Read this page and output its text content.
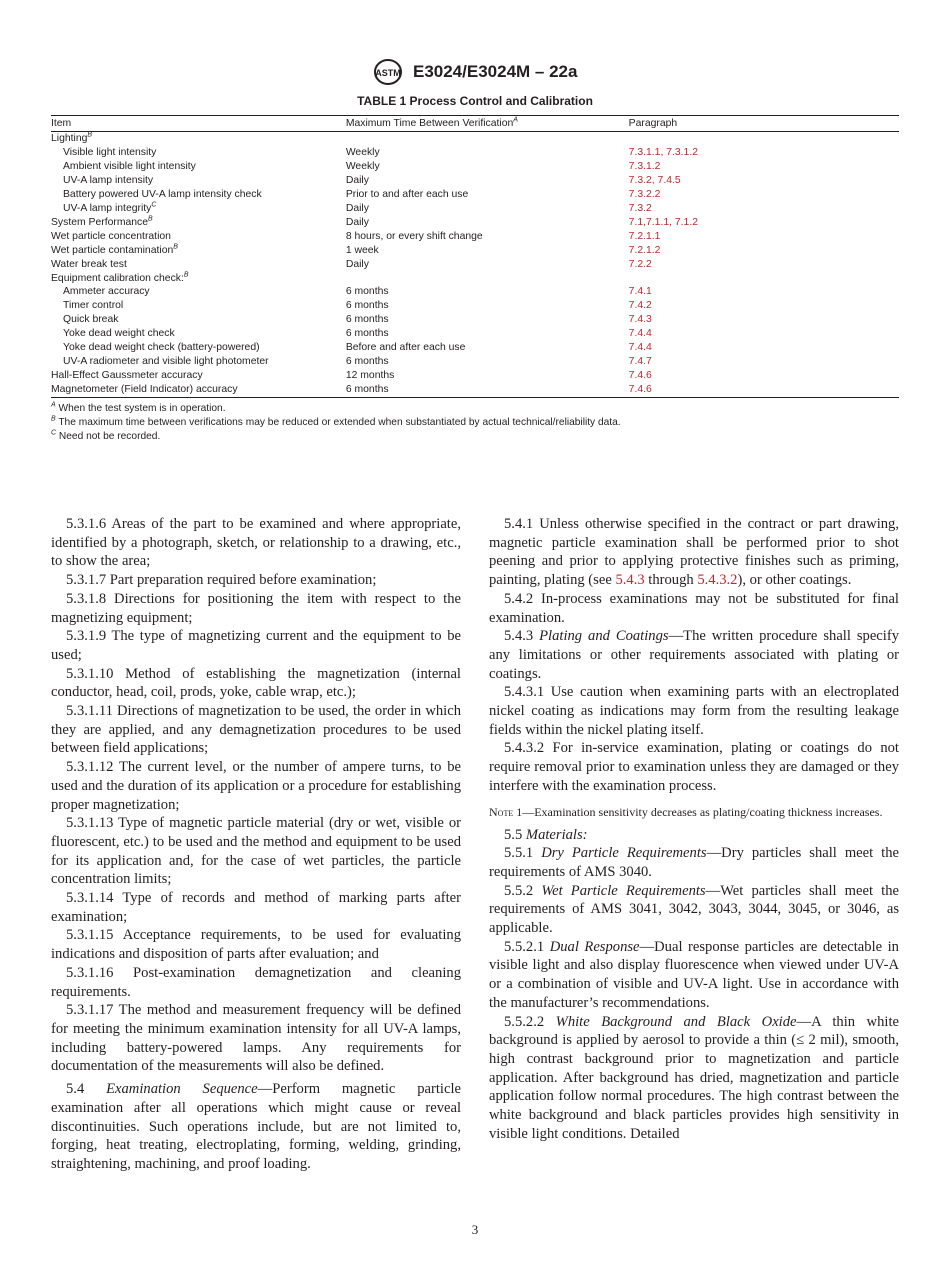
ASTM E3024/E3024M – 22a
TABLE 1 Process Control and Calibration
Item	Maximum Time Between Verification$^A$	Paragraph
Lighting$^B$		
Visible light intensity	Weekly	7.3.1.1, 7.3.1.2
Ambient visible light intensity	Weekly	7.3.1.2
UV-A lamp intensity	Daily	7.3.2, 7.4.5
Battery powered UV-A lamp intensity check	Prior to and after each use	7.3.2.2
UV-A lamp integrity$^C$	Daily	7.3.2
System Performance$^B$	Daily	7.1,7.1.1, 7.1.2
Wet particle concentration	8 hours, or every shift change	7.2.1.1
Wet particle contamination$^B$	1 week	7.2.1.2
Water break test	Daily	7.2.2
Equipment calibration check:$^B$		
Ammeter accuracy	6 months	7.4.1
Timer control	6 months	7.4.2
Quick break	6 months	7.4.3
Yoke dead weight check	6 months	7.4.4
Yoke dead weight check (battery-powered)	Before and after each use	7.4.4
UV-A radiometer and visible light photometer	6 months	7.4.7
Hall-Effect Gaussmeter accuracy	12 months	7.4.6
Magnetometer (Field Indicator) accuracy	6 months	7.4.6
$^A$ When the test system is in operation.
$^B$ The maximum time between verifications may be reduced or extended when substantiated by actual technical/reliability data.
$^C$ Need not be recorded.

5.3.1.6 Areas of the part to be examined and where appropriate, identified by a photograph, sketch, or relationship to a drawing, etc., to show the area;

5.3.1.7 Part preparation required before examination;

5.3.1.8 Directions for positioning the item with respect to the magnetizing equipment;

5.3.1.9 The type of magnetizing current and the equipment to be used;

5.3.1.10 Method of establishing the magnetization (internal conductor, head, coil, prods, yoke, cable wrap, etc.);

5.3.1.11 Directions of magnetization to be used, the order in which they are applied, and any demagnetization procedures to be used between field applications;

5.3.1.12 The current level, or the number of ampere turns, to be used and the duration of its application or a procedure for establishing proper magnetization;

5.3.1.13 Type of magnetic particle material (dry or wet, visible or fluorescent, etc.) to be used and the method and equipment to be used for its application and, for the case of wet particles, the particle concentration limits;

5.3.1.14 Type of records and method of marking parts after examination;

5.3.1.15 Acceptance requirements, to be used for evaluating indications and disposition of parts after evaluation; and

5.3.1.16 Post-examination demagnetization and cleaning requirements.

5.3.1.17 The method and measurement frequency will be defined for meeting the minimum examination intensity for all UV-A lamps, including battery-powered lamps. Any requirements for documentation of the measurements will also be defined.

5.4 Examination Sequence—Perform magnetic particle examination after all operations which might cause or reveal discontinuities. Such operations include, but are not limited to, forging, heat treating, electroplating, forming, welding, grinding, straightening, machining, and proof loading.

5.4.1 Unless otherwise specified in the contract or part drawing, magnetic particle examination shall be performed prior to shot peening and prior to applying protective finishes such as priming, painting, plating (see 5.4.3 through 5.4.3.2), or other coatings.

5.4.2 In-process examinations may not be substituted for final examination.

5.4.3 Plating and Coatings—The written procedure shall specify any limitations or other requirements associated with plating or coatings.

5.4.3.1 Use caution when examining parts with an electroplated nickel coating as indications may form from the resulting leakage fields within the nickel plating itself.

5.4.3.2 For in-service examination, plating or coatings do not require removal prior to examination unless they are damaged or they interfere with the examination process.

Note 1—Examination sensitivity decreases as plating/coating thickness increases.

5.5 Materials:

5.5.1 Dry Particle Requirements—Dry particles shall meet the requirements of AMS 3040.

5.5.2 Wet Particle Requirements—Wet particles shall meet the requirements of AMS 3041, 3042, 3043, 3044, 3045, or 3046, as applicable.

5.5.2.1 Dual Response—Dual response particles are detectable in visible light and also display fluorescence when viewed under UV-A or a combination of visible and UV-A light. Use in accordance with the manufacturer’s recommendations.

5.5.2.2 White Background and Black Oxide—A thin white background is applied by aerosol to provide a thin (≤ 2 mil), smooth, high contrast background prior to magnetization and particle application. After background has dried, magnetization and particle application follow normal procedures. The high contrast between the white background and black particles provides high sensitivity in visible light conditions. Detailed

3
